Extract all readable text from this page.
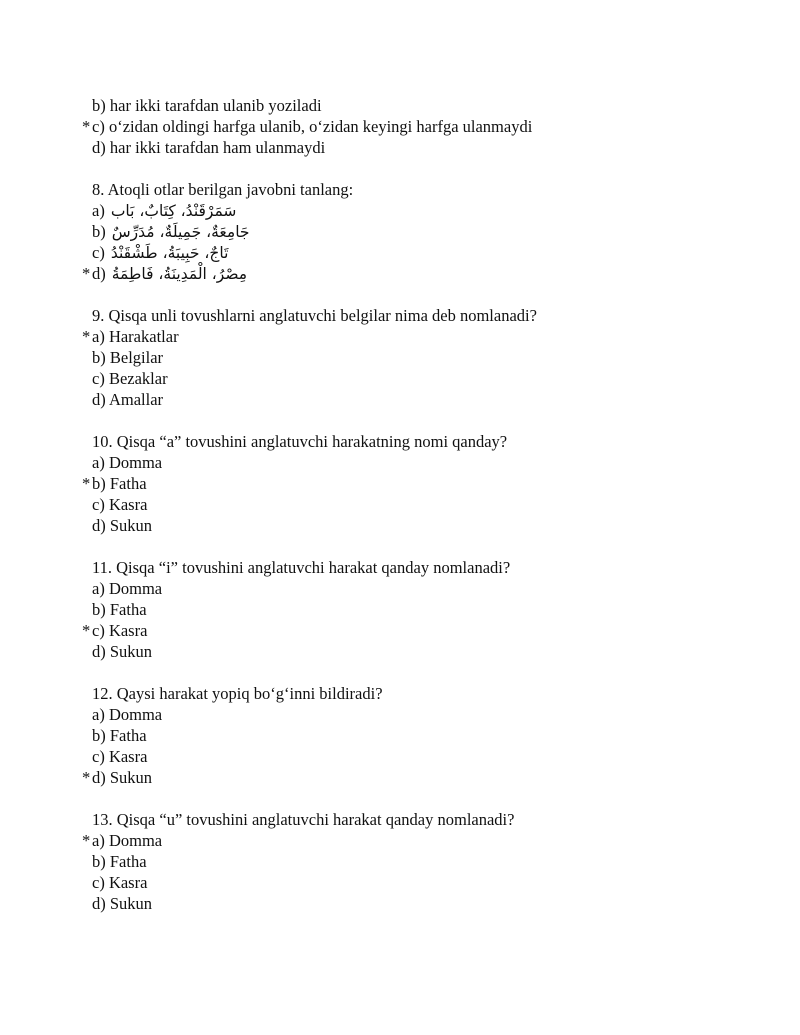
b) har ikki tarafdan ulanib yoziladi
* c) o‘zidan oldingi harfga ulanib, o‘zidan keyingi harfga ulanmaydi
d) har ikki tarafdan ham ulanmaydi
8. Atoqli otlar berilgan javobni tanlang:
a) سَمَرْقَنْدُ، كِتَابٌ، بَاب
b) جَامِعَةٌ، جَمِيلَةٌ، مُدَرِّسٌ
c) تَاجٌ، حَبِيبَةُ، طَشْقَنْدُ
* d) مِصْرُ، الْمَدِينَةُ، فَاطِمَةُ
9. Qisqa unli tovushlarni anglatuvchi belgilar nima deb nomlanadi?
* a) Harakatlar
b) Belgilar
c) Bezaklar
d) Amallar
10. Qisqa “a” tovushini anglatuvchi harakatning nomi qanday?
a) Domma
* b) Fatha
c) Kasra
d) Sukun
11. Qisqa “i” tovushini anglatuvchi harakat qanday nomlanadi?
a) Domma
b) Fatha
* c) Kasra
d) Sukun
12. Qaysi harakat yopiq bo‘g‘inni bildiradi?
a) Domma
b) Fatha
c) Kasra
* d) Sukun
13. Qisqa “u” tovushini anglatuvchi harakat qanday nomlanadi?
* a) Domma
b) Fatha
c) Kasra
d) Sukun
